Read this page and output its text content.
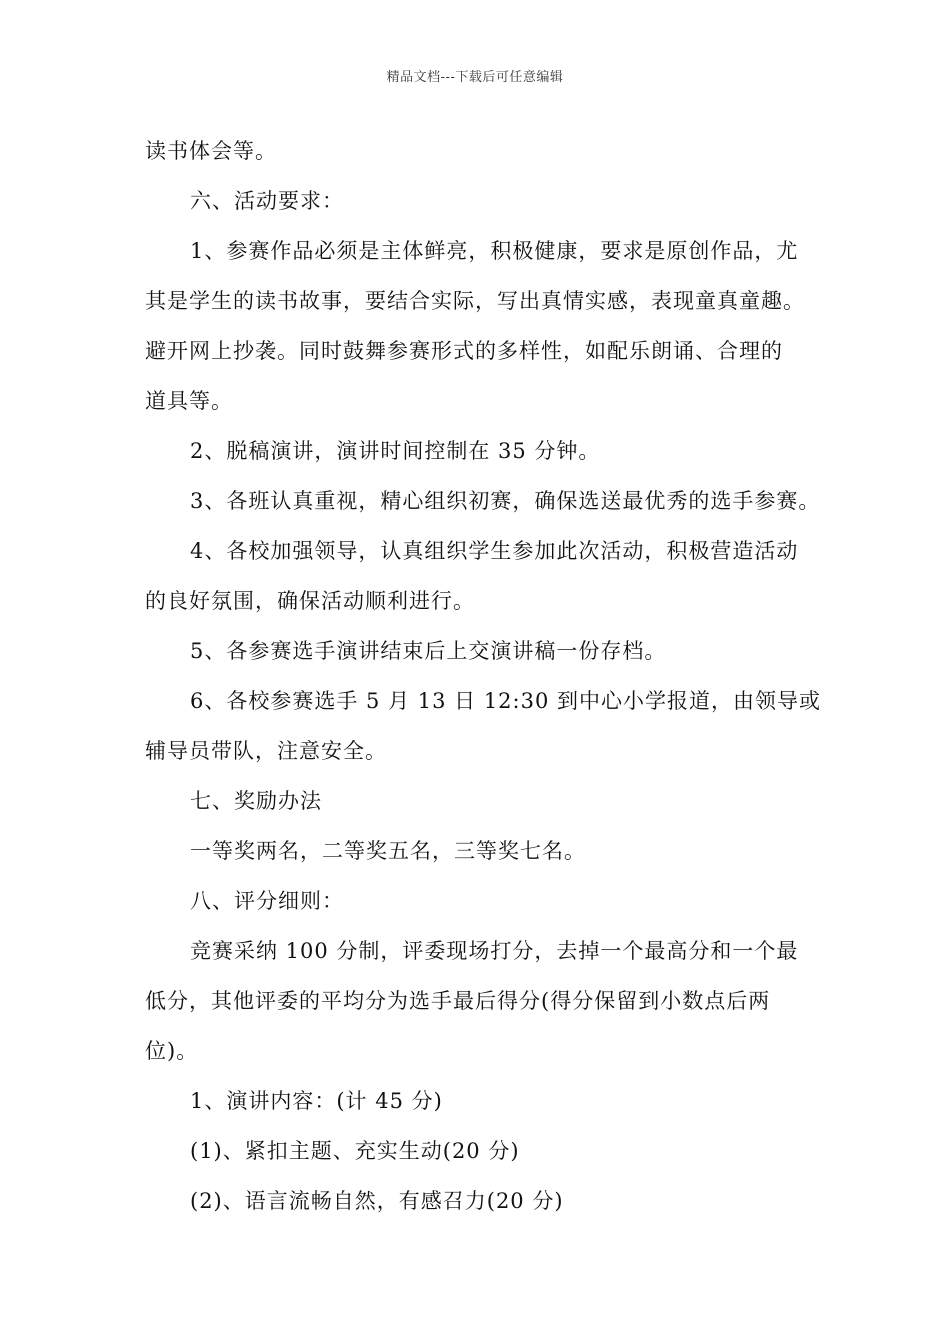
精品文档---下载后可任意编辑
读书体会等。
六、活动要求：
1、参赛作品必须是主体鲜亮，积极健康，要求是原创作品，尤
其是学生的读书故事，要结合实际，写出真情实感，表现童真童趣。
避开网上抄袭。同时鼓舞参赛形式的多样性，如配乐朗诵、合理的
道具等。
2、脱稿演讲，演讲时间控制在 35 分钟。
3、各班认真重视，精心组织初赛，确保选送最优秀的选手参赛。
4、各校加强领导，认真组织学生参加此次活动，积极营造活动
的良好氛围，确保活动顺利进行。
5、各参赛选手演讲结束后上交演讲稿一份存档。
6、各校参赛选手 5 月 13 日 12:30 到中心小学报道，由领导或
辅导员带队，注意安全。
七、奖励办法
一等奖两名，二等奖五名，三等奖七名。
八、评分细则：
竞赛采纳 100 分制，评委现场打分，去掉一个最高分和一个最
低分，其他评委的平均分为选手最后得分(得分保留到小数点后两
位)。
1、演讲内容：(计 45 分)
(1)、紧扣主题、充实生动(20 分)
(2)、语言流畅自然，有感召力(20 分)
